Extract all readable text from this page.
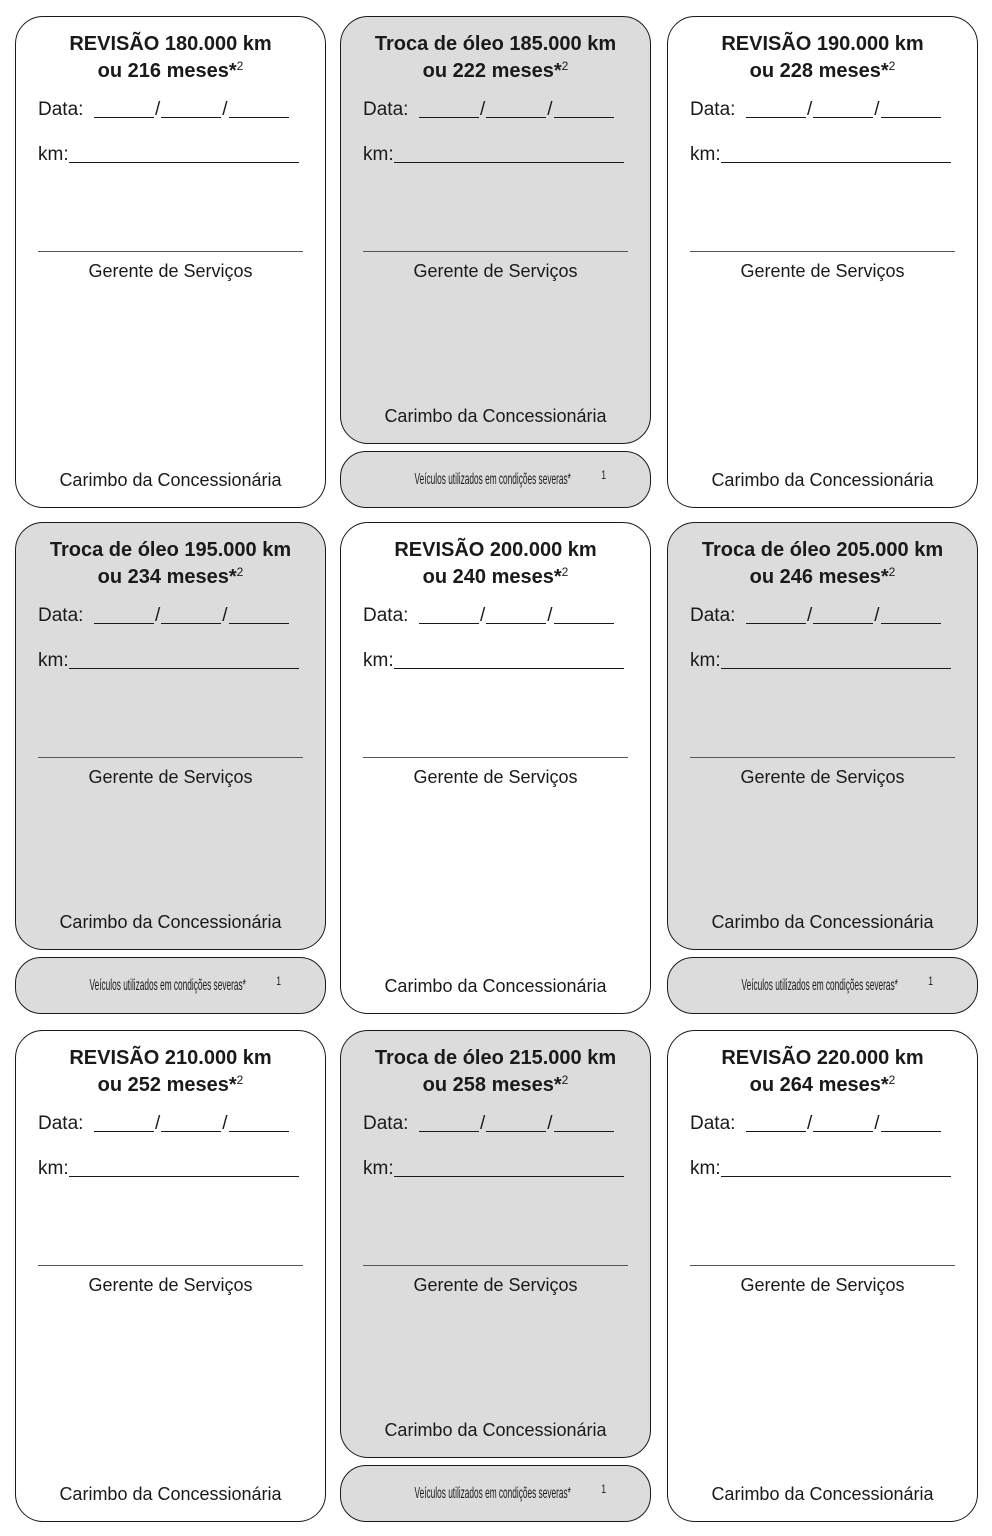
REVISÃO 180.000 km
ou 216 meses*$^2$
Data:	/	/
km:
Gerente de Serviços
Carimbo da Concessionária
Troca de óleo 185.000 km
ou 222 meses*$^2$
Data:	/	/
km:
Gerente de Serviços
Carimbo da Concessionária
Veículos utilizados em condições severas*	$^1$
REVISÃO 190.000 km
ou 228 meses*$^2$
Data:	/	/
km:
Gerente de Serviços
Carimbo da Concessionária
Troca de óleo 195.000 km
ou 234 meses*$^2$
Data:	/	/
km:
Gerente de Serviços
Carimbo da Concessionária
Veículos utilizados em condições severas*	$^1$
REVISÃO 200.000 km
ou 240 meses*$^2$
Data:	/	/
km:
Gerente de Serviços
Carimbo da Concessionária
Troca de óleo 205.000 km
ou 246 meses*$^2$
Data:	/	/
km:
Gerente de Serviços
Carimbo da Concessionária
Veículos utilizados em condições severas*	$^1$
REVISÃO 210.000 km
ou 252 meses*$^2$
Data:	/	/
km:
Gerente de Serviços
Carimbo da Concessionária
Troca de óleo 215.000 km
ou 258 meses*$^2$
Data:	/	/
km:
Gerente de Serviços
Carimbo da Concessionária
Veículos utilizados em condições severas*	$^1$
REVISÃO 220.000 km
ou 264 meses*$^2$
Data:	/	/
km:
Gerente de Serviços
Carimbo da Concessionária
